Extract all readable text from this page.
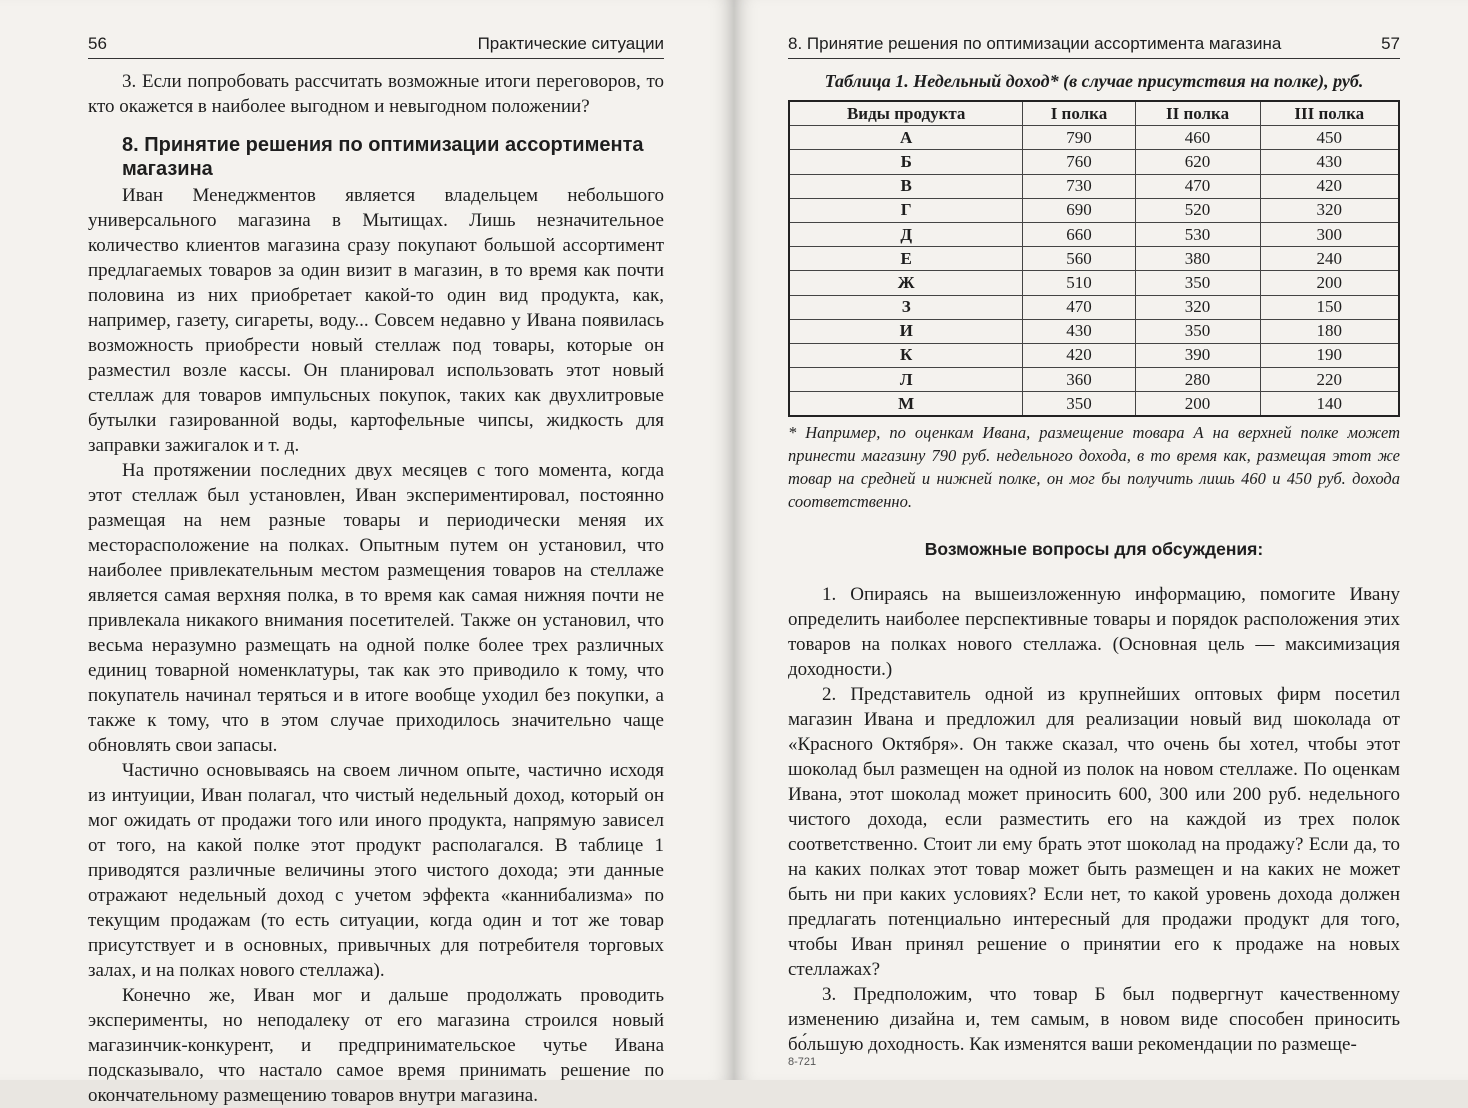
56	Практические ситуации

3. Если попробовать рассчитать возможные итоги переговоров, то кто окажется в наиболее выгодном и невыгодном положении?

8. Принятие решения по оптимизации ассортимента магазина

Иван Менеджментов является владельцем небольшого универсального магазина в Мытищах. Лишь незначительное количество клиентов магазина сразу покупают большой ассортимент предлагаемых товаров за один визит в магазин, в то время как почти половина из них приобретает какой-то один вид продукта, как, например, газету, сигареты, воду... Совсем недавно у Ивана появилась возможность приобрести новый стеллаж под товары, которые он разместил возле кассы. Он планировал использовать этот новый стеллаж для товаров импульсных покупок, таких как двухлитровые бутылки газированной воды, картофельные чипсы, жидкость для заправки зажигалок и т. д.

На протяжении последних двух месяцев с того момента, когда этот стеллаж был установлен, Иван экспериментировал, постоянно размещая на нем разные товары и периодически меняя их месторасположение на полках. Опытным путем он установил, что наиболее привлекательным местом размещения товаров на стеллаже является самая верхняя полка, в то время как самая нижняя почти не привлекала никакого внимания посетителей. Также он установил, что весьма неразумно размещать на одной полке более трех различных единиц товарной номенклатуры, так как это приводило к тому, что покупатель начинал теряться и в итоге вообще уходил без покупки, а также к тому, что в этом случае приходилось значительно чаще обновлять свои запасы.

Частично основываясь на своем личном опыте, частично исходя из интуиции, Иван полагал, что чистый недельный доход, который он мог ожидать от продажи того или иного продукта, напрямую зависел от того, на какой полке этот продукт располагался. В таблице 1 приводятся различные величины этого чистого дохода; эти данные отражают недельный доход с учетом эффекта «каннибализма» по текущим продажам (то есть ситуации, когда один и тот же товар присутствует и в основных, привычных для потребителя торговых залах, и на полках нового стеллажа).

Конечно же, Иван мог и дальше продолжать проводить эксперименты, но неподалеку от его магазина строился новый магазинчик-конкурент, и предпринимательское чутье Ивана подсказывало, что настало самое время принимать решение по окончательному размещению товаров внутри магазина.

8. Принятие решения по оптимизации ассортимента магазина	57
Таблица 1. Недельный доход* (в случае присутствия на полке), руб.
Виды продукта	I полка	II полка	III полка
А	790	460	450
Б	760	620	430
В	730	470	420
Г	690	520	320
Д	660	530	300
Е	560	380	240
Ж	510	350	200
З	470	320	150
И	430	350	180
К	420	390	190
Л	360	280	220
М	350	200	140
* Например, по оценкам Ивана, размещение товара А на верхней полке может принести магазину 790 руб. недельного дохода, в то время как, размещая этот же товар на средней и нижней полке, он мог бы получить лишь 460 и 450 руб. дохода соответственно.
Возможные вопросы для обсуждения:

1. Опираясь на вышеизложенную информацию, помогите Ивану определить наиболее перспективные товары и порядок расположения этих товаров на полках нового стеллажа. (Основная цель — максимизация доходности.)

2. Представитель одной из крупнейших оптовых фирм посетил магазин Ивана и предложил для реализации новый вид шоколада от «Красного Октября». Он также сказал, что очень бы хотел, чтобы этот шоколад был размещен на одной из полок на новом стеллаже. По оценкам Ивана, этот шоколад может приносить 600, 300 или 200 руб. недельного чистого дохода, если разместить его на каждой из трех полок соответственно. Стоит ли ему брать этот шоколад на продажу? Если да, то на каких полках этот товар может быть размещен и на каких не может быть ни при каких условиях? Если нет, то какой уровень дохода должен предлагать потенциально интересный для продажи продукт для того, чтобы Иван принял решение о принятии его к продаже на новых стеллажах?

3. Предположим, что товар Б был подвергнут качественному изменению дизайна и, тем самым, в новом виде способен приносить бо́льшую доходность. Как изменятся ваши рекомендации по размеще-

8-721
